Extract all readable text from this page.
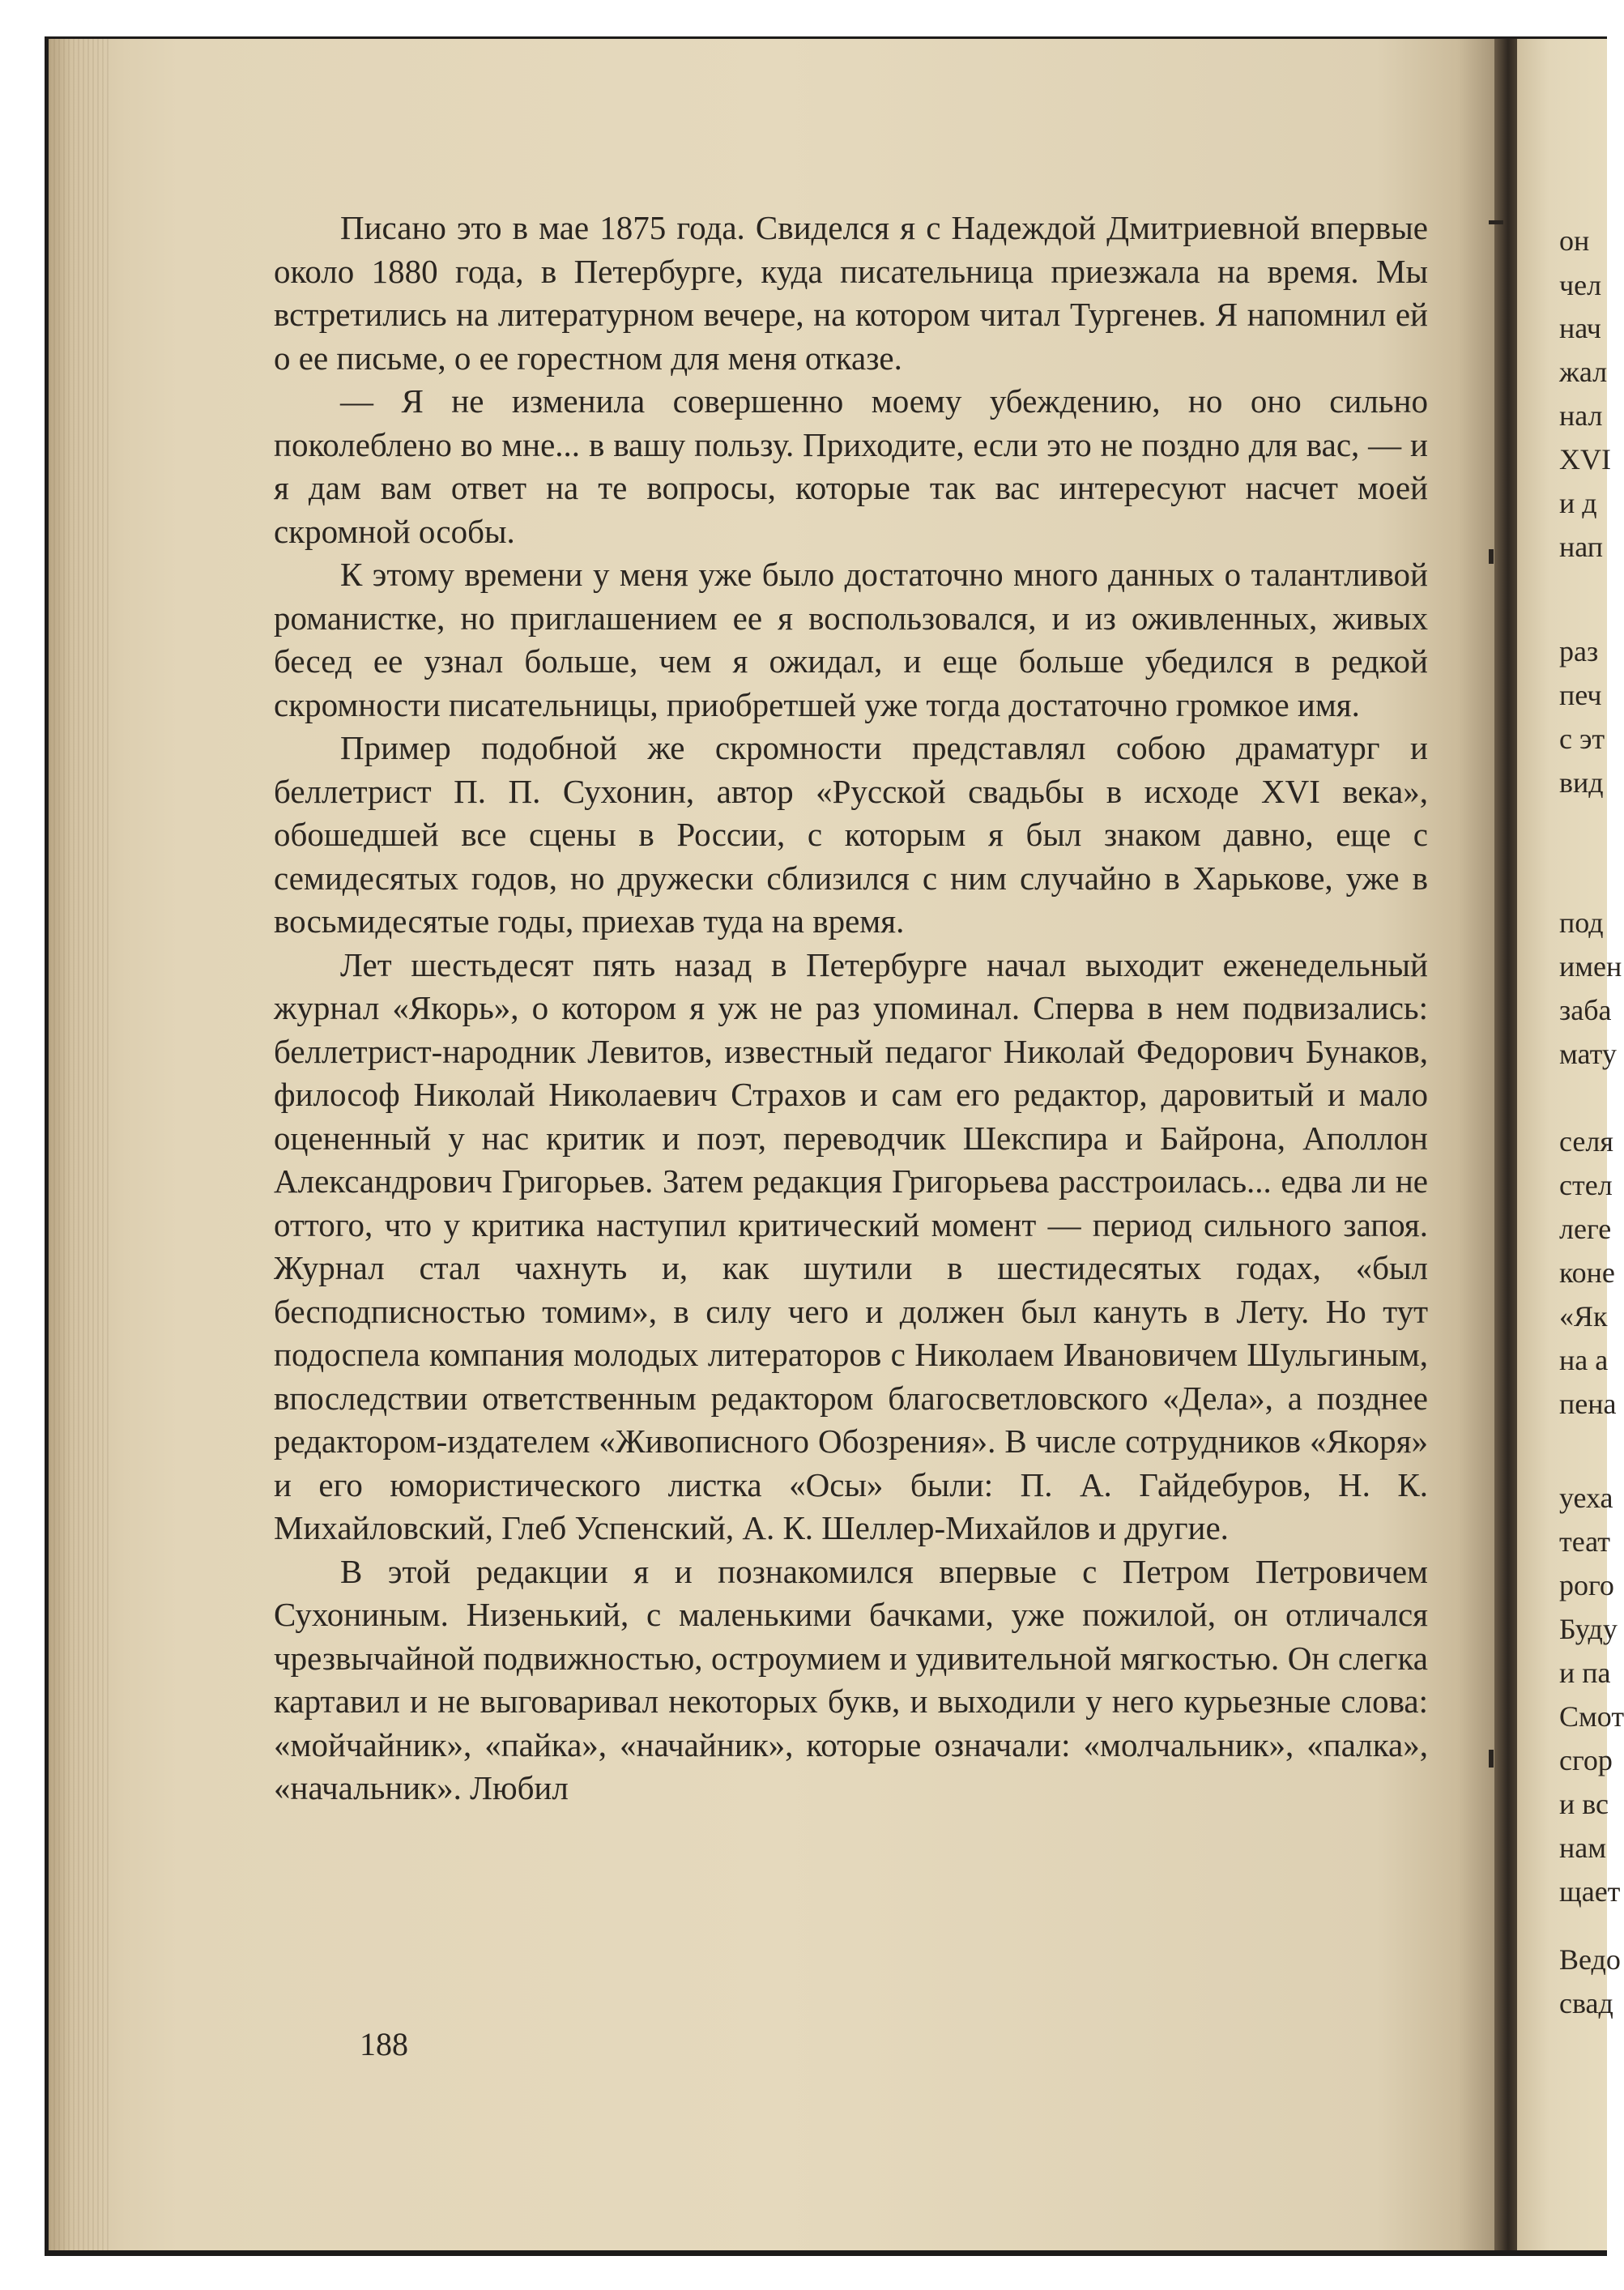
он
чел
нач
жал
нал
XVI
и д
нап
раз
печ
с эт
вид
под
имен
заба
мату
селя
стел
леге
коне
«Як
на а
пена
уеха
теат
рого
Буду
и па
Смот
сгор
и вс
нам
щает
Ведо
свад

Писано это в мае 1875 года. Свиделся я с Надеждой Дмитриевной впервые около 1880 года, в Петербурге, куда писательница приезжала на время. Мы встретились на литературном вечере, на котором читал Тургенев. Я напомнил ей о ее письме, о ее горестном для меня отказе.

— Я не изменила совершенно моему убеждению, но оно сильно поколеблено во мне... в вашу пользу. Приходите, если это не поздно для вас, — и я дам вам ответ на те вопросы, которые так вас интересуют насчет моей скромной особы.

К этому времени у меня уже было достаточно много данных о талантливой романистке, но приглашением ее я воспользовался, и из оживленных, живых бесед ее узнал больше, чем я ожидал, и еще больше убедился в редкой скромности писательницы, приобретшей уже тогда достаточно громкое имя.

Пример подобной же скромности представлял собою драматург и беллетрист П. П. Сухонин, автор «Русской свадьбы в исходе XVI века», обошедшей все сцены в России, с которым я был знаком давно, еще с семидесятых годов, но дружески сблизился с ним случайно в Харькове, уже в восьмидесятые годы, приехав туда на время.

Лет шестьдесят пять назад в Петербурге начал выходит еженедельный журнал «Якорь», о котором я уж не раз упоминал. Сперва в нем подвизались: беллетрист-народник Левитов, известный педагог Николай Федорович Бунаков, философ Николай Николаевич Страхов и сам его редактор, даровитый и мало оцененный у нас критик и поэт, переводчик Шекспира и Байрона, Аполлон Александрович Григорьев. Затем редакция Григорьева расстроилась... едва ли не оттого, что у критика наступил критический момент — период сильного запоя. Журнал стал чахнуть и, как шутили в шестидесятых годах, «был бесподписностью томим», в силу чего и должен был кануть в Лету. Но тут подоспела компания молодых литераторов с Николаем Ивановичем Шульгиным, впоследствии ответственным редактором благосветловского «Дела», а позднее редактором-издателем «Живописного Обозрения». В числе сотрудников «Якоря» и его юмористического листка «Осы» были: П. А. Гайдебуров, Н. К. Михайловский, Глеб Успенский, А. К. Шеллер-Михайлов и другие.

В этой редакции я и познакомился впервые с Петром Петровичем Сухониным. Низенький, с маленькими бачками, уже пожилой, он отличался чрезвычайной подвижностью, остроумием и удивительной мягкостью. Он слегка картавил и не выговаривал некоторых букв, и выходили у него курьезные слова: «мойчайник», «пайка», «начайник», которые означали: «молчальник», «палка», «начальник». Любил

188
